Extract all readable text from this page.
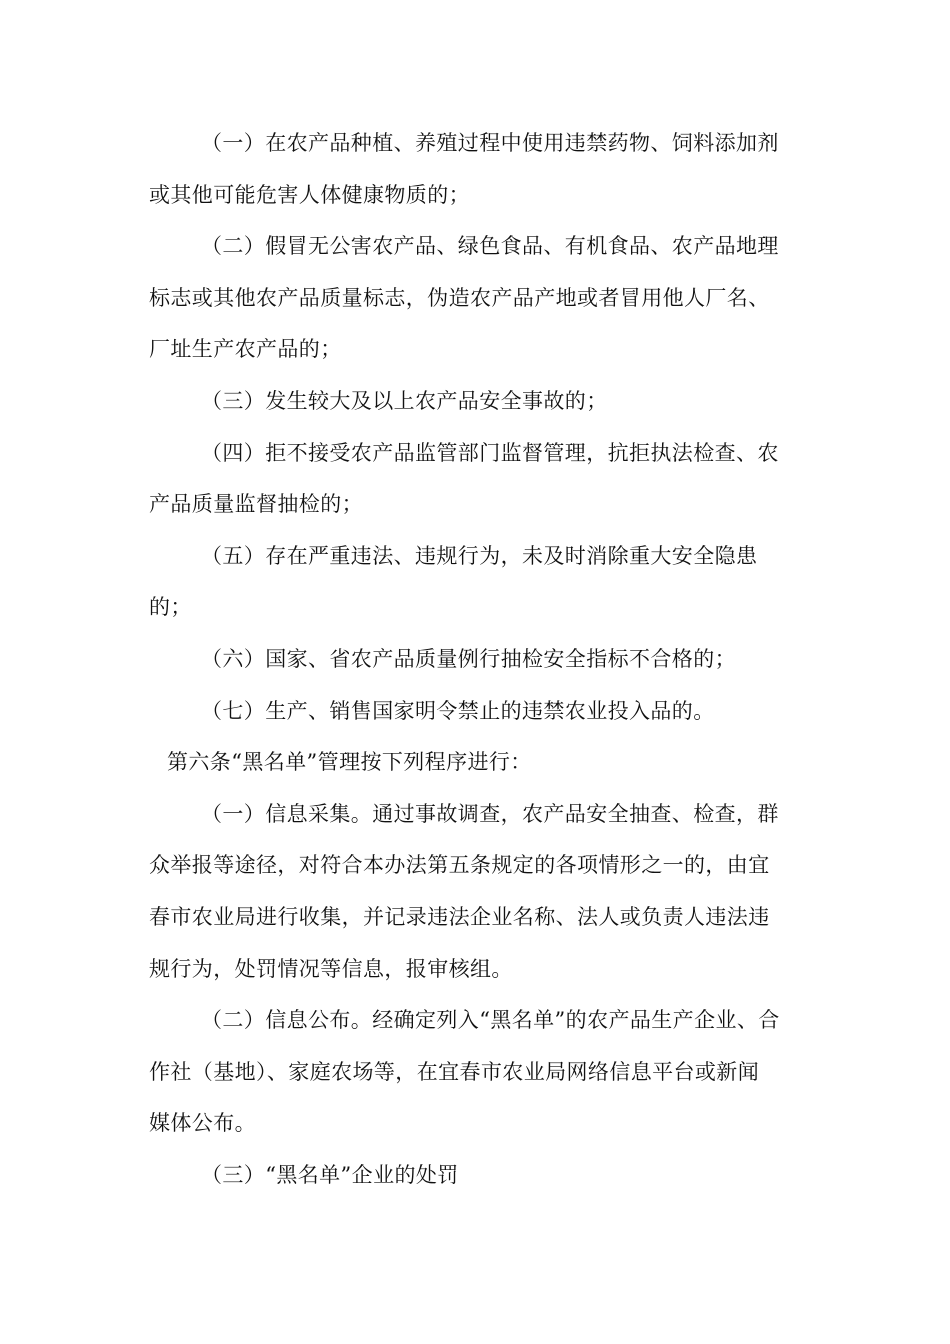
（一）在农产品种植、养殖过程中使用违禁药物、饲料添加剂
或其他可能危害人体健康物质的；

（二）假冒无公害农产品、绿色食品、有机食品、农产品地理
标志或其他农产品质量标志，伪造农产品产地或者冒用他人厂名、
厂址生产农产品的；

（三）发生较大及以上农产品安全事故的；

（四）拒不接受农产品监管部门监督管理，抗拒执法检查、农
产品质量监督抽检的；

（五）存在严重违法、违规行为，未及时消除重大安全隐患
的；

（六）国家、省农产品质量例行抽检安全指标不合格的；

（七）生产、销售国家明令禁止的违禁农业投入品的。

第六条“黑名单”管理按下列程序进行：

（一）信息采集。通过事故调查，农产品安全抽查、检查，群
众举报等途径，对符合本办法第五条规定的各项情形之一的，由宜
春市农业局进行收集，并记录违法企业名称、法人或负责人违法违
规行为，处罚情况等信息，报审核组。

（二）信息公布。经确定列入“黑名单”的农产品生产企业、合
作社（基地）、家庭农场等，在宜春市农业局网络信息平台或新闻
媒体公布。

（三）“黑名单”企业的处罚
